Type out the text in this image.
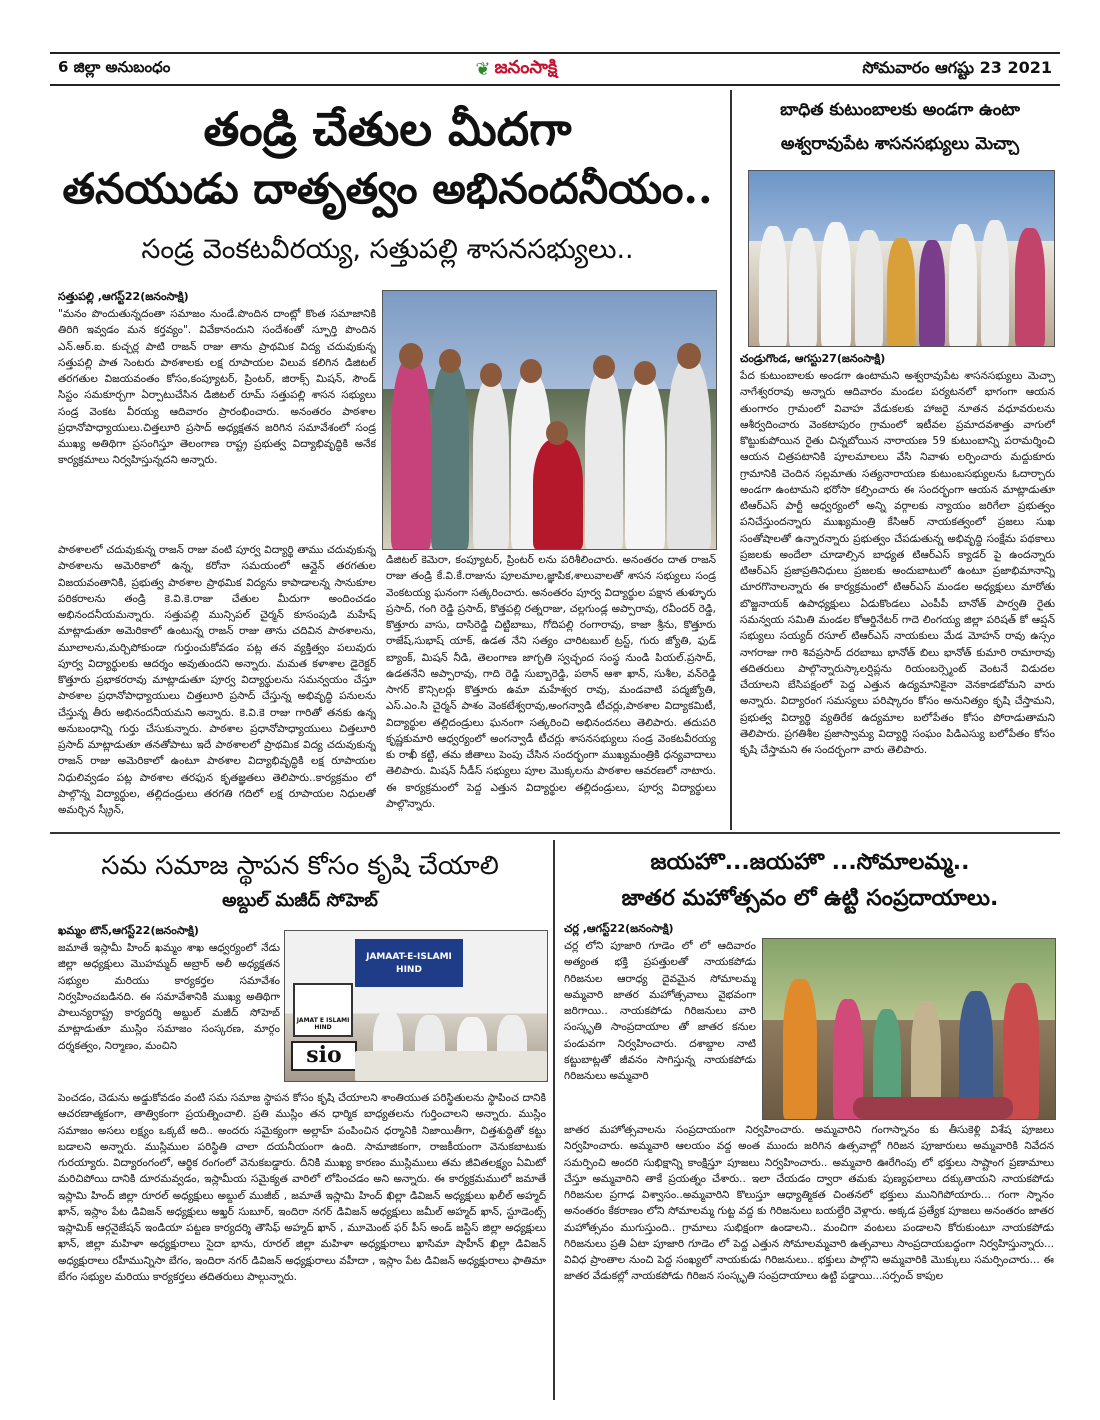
6 జిల్లా అనుబంధం	❦ జనంసాక్షి	సోమవారం ఆగష్టు 23 2021
తండ్రి చేతుల మీదగా
తనయుడు దాతృత్వం అభినందనీయం..
సండ్ర వెంకటవీరయ్య, సత్తుపల్లి శాసనసభ్యులు..

సత్తుపల్లి ,ఆగస్ట్22(జనంసాక్షి)

"మనం పొందుతున్నదంతా సమాజం నుండే.పొందిన దాంట్లో కొంత సమాజానికి తిరిగి ఇవ్వడం మన కర్తవ్యం". వివేకానందుని సందేశంతో స్ఫూర్తి పొందిన ఎన్.ఆర్.ఐ. కుచ్చర్ల పాటి రాజన్ రాజు తాను ప్రాథమిక విద్య చదువుకున్న సత్తుపల్లి పాత సెంటరు పాఠశాలకు లక్ష రూపాయల విలువ కలిగిన డిజిటల్ తరగతుల విజయవంతం కోసం,కంప్యూటర్, ప్రింటర్, జిరాక్స్ మిషన్, సౌండ్ సిస్టం సమకూర్చగా ఏర్పాటుచేసిన డిజిటల్ రూమ్ సత్తుపల్లి శాసన సభ్యులు సండ్ర వెంకట వీరయ్య ఆదివారం ప్రారంభించారు. అనంతరం పాఠశాల ప్రధానోపాధ్యాయులు.చిత్తలూరి ప్రసాద్ అధ్యక్షతన జరిగిన సమావేశంలో సండ్ర ముఖ్య అతిథిగా ప్రసంగిస్తూ తెలంగాణ రాష్ట్ర ప్రభుత్వ విద్యాభివృద్ధికి అనేక కార్యక్రమాలు నిర్వహిస్తున్నదని అన్నారు.

పాఠశాలలో చదువుకున్న రాజన్ రాజు వంటి పూర్వ విద్యార్థి తాము చదువుకున్న పాఠశాలను అమెరికాలో ఉన్న, కరోనా సమయంలో ఆన్లైన్ తరగతుల విజయవంతానికి, ప్రభుత్వ పాఠశాల ప్రాథమిక విద్యను కాపాడాలన్న సానుకూల పరికరాలను తండ్రి కె.వి.కె.రాజు చేతుల మీదుగా అందించడం అభినందనీయమన్నారు. సత్తుపల్లి మున్సిపల్ చైర్మన్ కూసంపుడి మహేష్ మాట్లాడుతూ అమెరికాలో ఉంటున్న రాజన్ రాజు తాను చదివిన పాఠశాలను, మూలాలను,మర్చిపోకుండా గుర్తుంచుకోవడం పట్ల తన వ్యక్తిత్వం పలువురు పూర్వ విద్యార్థులకు ఆదర్శం అవుతుందని అన్నారు. మమత కళాశాల డైరెక్టర్ కొత్తూరు ప్రభాకరరావు మాట్లాడుతూ పూర్వ విద్యార్థులను సమన్వయం చేస్తూ పాఠశాల ప్రధానోపాధ్యాయులు చిత్తలూరి ప్రసాద్ చేస్తున్న అభివృద్ధి పనులను చేస్తున్న తీరు అభినందనీయమని అన్నారు. కె.వి.కె రాజు గారితో తనకు ఉన్న అనుబంధాన్ని గుర్తు చేసుకున్నారు. పాఠశాల ప్రధానోపాధ్యాయులు చిత్తలూరి ప్రసాద్ మాట్లాడుతూ తనతోపాటు ఇదే పాఠశాలలో ప్రాథమిక విద్య చదువుకున్న రాజన్ రాజు అమెరికాలో ఉంటూ పాఠశాల విద్యాభివృద్ధికి లక్ష రూపాయల నిధులివ్వడం పట్ల పాఠశాల తరఫున కృతజ్ఞతలు తెలిపారు..కార్యక్రమం లో పాల్గొన్న విద్యార్థుల, తల్లిదండ్రులు తరగతి గదిలో లక్ష రూపాయల నిధులతో అమర్చిన స్క్రీన్,

డిజిటల్ కెమెరా, కంప్యూటర్, ప్రింటర్ లను పరిశీలించారు. అనంతరం దాత రాజన్ రాజు తండ్రి కే.వి.కే.రాజును పూలమాల,జ్ఞాపిక,శాలువాలతో శాసన సభ్యులు సండ్ర వెంకటయ్య ఘనంగా సత్కరించారు. అనంతరం పూర్వ విద్యార్థుల పక్షాన తుళ్ళూరు ప్రసాద్, గంగి రెడ్డి ప్రసాద్, కొత్తపల్లి రత్నరాజు, చల్లగుండ్ల అప్పారావు, రవీందర్ రెడ్డి, కొత్తూరు వాసు, దాసిరెడ్డి చిట్టిబాబు, గోదిపల్లి రంగారావు, కాజా శ్రీను, కొత్తూరు రాజేష్,సుభాష్ యాక్, ఉడత నేని సత్యం చారిటబుల్ ట్రస్ట్, గురు జ్యోతి, ఫుడ్ బ్యాంక్, మిషన్ నీడి, తెలంగాణ జాగృతి స్వచ్ఛంద సంస్థ నుండి పియల్.ప్రసాద్, ఉడతనేని అప్పారావు, గాది రెడ్డి సుబ్బారెడ్డి, పఠాన్ ఆశా ఖాన్, సుశీల, వన్‌రెడ్డి సాగర్ కౌన్సిలర్లు కొత్తూరు ఉమా మహేశ్వర రావు, మండవాటి పద్మజ్యోతి, ఎస్.ఎం.సి చైర్మన్ పాశం వెంకటేశ్వరావు,అంగన్వాడి టీచర్లు,పాఠశాల విద్యాకమిటీ, విద్యార్థుల తల్లిదండ్రులు ఘనంగా సత్కరించి అభినందనలు తెలిపారు. తదుపరి కృష్ణకుమారి ఆధ్వర్యంలో అంగన్వాడీ టీచర్లు శాసనసభ్యులు సండ్ర వెంకటవీరయ్య కు రాఖీ కట్టి, తమ జీతాలు పెంపు చేసిన సందర్భంగా ముఖ్యమంత్రికి ధన్యవాదాలు తెలిపారు. మిషన్ నీడీస్ సభ్యులు పూల మొక్కలను పాఠశాల ఆవరణలో నాటారు. ఈ కార్యక్రమంలో పెద్ద ఎత్తున విద్యార్థుల తల్లిదండ్రులు, పూర్వ విద్యార్థులు పాల్గొన్నారు.

బాధిత కుటుంబాలకు అండగా ఉంటా
అశ్వరావుపేట శాసనసభ్యులు మెచ్చా

చండ్రుగొండ, ఆగస్టు27(జనంసాక్షి)

పేద కుటుంబాలకు అండగా ఉంటామని అశ్వరావుపేట శాసనసభ్యులు మెచ్చా నాగేశ్వరరావు అన్నారు ఆదివారం మండల పర్యటనలో భాగంగా ఆయన తుంగారం గ్రామంలో వివాహ వేడుకలకు హాజరై నూతన వధూవరులను ఆశీర్వదించారు వెంకటాపురం గ్రామంలో ఇటీవల ప్రమాదవశాత్తు వాగులో కొట్టుకుపోయిన రైతు చిన్నబోయిన నారాయణ 59 కుటుంబాన్ని పరామర్శించి ఆయన చిత్రపటానికి పూలమాలలు వేసి నివాళు లర్పించారు మద్దుకూరు గ్రామానికి చెందిన సల్లమాతు సత్యనారాయణ కుటుంబసభ్యులను ఓదార్చారు అండగా ఉంటామని భరోసా కల్పించారు ఈ సందర్భంగా ఆయన మాట్లాడుతూ టిఆర్ఎస్ పార్టీ ఆధ్వర్యంలో అన్ని వర్గాలకు న్యాయం జరిగేలా ప్రభుత్వం పనిచేస్తుందన్నారు ముఖ్యమంత్రి కేసిఆర్ నాయకత్వంలో ప్రజలు సుఖ సంతోషాలతో ఉన్నారన్నారు ప్రభుత్వం చేపడుతున్న అభివృద్ధి సంక్షేమ పథకాలు ప్రజలకు అందేలా చూడాల్సిన బాధ్యత టిఆర్ఎస్ క్యాడర్ పై ఉందన్నారు టిఆర్ఎస్ ప్రజాప్రతినిధులు ప్రజలకు అందుబాటులో ఉంటూ ప్రజాభిమానాన్ని చూరగొనాలన్నారు ఈ కార్యక్రమంలో టిఆర్ఎస్ మండల అధ్యక్షులు మారోతు బొజ్జనాయక్ ఉపాధ్యక్షులు ఏడుకొండలు ఎంపీపీ బానోత్ పార్వతి రైతు సమన్వయ సమితి మండల కోఆర్డినేటర్ గాదె లింగయ్య జిల్లా పరిషత్ కో ఆప్షన్ సభ్యులు సయ్యద్ రసూల్ టిఆర్ఎస్ నాయకులు మేడ మోహన్ రావు ఉస్సం నాగరాజు గారి శివప్రసాద్ దరబాబు భానోత్ బిలు భానోత్ కుమారి రామారావు తదితరులు పాల్గొన్నారుస్కాలర్షిప్లను రియంబర్స్మెంట్ వెంటనే విడుదల చేయాలని బేసిపక్షంలో పెద్ద ఎత్తున ఉద్యమానికైనా వెనకాడబోమని వారు అన్నారు. విద్యారంగ సమస్యలు పరిష్కారం కోసం అనునిత్యం కృషి చేస్తామని, ప్రభుత్వ విద్యార్థి వ్యతిరేక ఉద్యమాల బలోపేతం కోసం పోరాడుతామని తెలిపారు. ప్రగతిశీల ప్రజాస్వామ్య విద్యార్థి సంఘం పిడిఎస్యు బలోపేతం కోసం కృషి చేస్తామని ఈ సందర్భంగా వారు తెలిపారు.

సమ సమాజ స్థాపన కోసం కృషి చేయాలి
అబ్దుల్ మజీద్ సోహెబ్

ఖమ్మం టౌన్,ఆగస్ట్22(జనంసాక్షి)

జమాతే ఇస్లామీ హింద్ ఖమ్మం శాఖ ఆధ్వర్యంలో నేడు జిల్లా అధ్యక్షులు మొహమ్మద్ అబ్రార్ అలీ అధ్యక్షతన సభ్యుల మరియు కార్యకర్తల సమావేశం నిర్వహించబడినది. ఈ సమావేశానికి ముఖ్య అతిథిగా పాలున్యరాష్ట్ర కార్యదర్శి అబ్దుల్ మజీద్ సోహెబ్ మాట్లాడుతూ ముస్లిం సమాజం సంస్కరణ, మార్గం దర్శకత్వం, నిర్మాణం, మంచిని

JAMAAT-E-ISLAMI HIND
JAMAT E ISLAMI HIND
sio

పెంచడం, చెడును అడ్డుకోవడం వంటి సమ సమాజ స్థాపన కోసం కృషి చేయాలని శాంతియుత పరిస్థితులను స్థాపించ దానికి ఆచరణాత్మకంగా, తాత్వికంగా ప్రయత్నించాలి. ప్రతి ముస్లిం తన ధార్మిక బాధ్యతలను గుర్తించాలని అన్నారు. ముస్లిం సమాజం అసలు లక్ష్యం ఒక్కటే అది.. అందరు సమైక్యంగా అల్లాహ్ పంపించిన ధర్మానికి నిజాయితీగా, చిత్తశుద్ధితో కట్టు బడాలని అన్నారు. ముస్లిముల పరిస్థితి చాలా దయనీయంగా ఉంది. సామాజికంగా, రాజకీయంగా వెనుకబాటుకు గురయ్యారు. విద్యారంగంలో, ఆర్థిక రంగంలో వెనుకబడ్డారు. దీనికి ముఖ్య కారణం ముస్లిములు తమ జీవితలక్ష్యం ఏమిటో మరిచిపోయి దానికి దూరమవ్వడం, ఇస్లామీయ సమైక్యత వారిలో లోపించడం అని అన్నారు. ఈ కార్యక్రమములో జమాతే ఇస్లామి హింద్ జిల్లా రూరల్ అధ్యక్షులు అబ్దుల్ ముజీబ్ , జమాతే ఇస్లామి హింద్ ఖిల్లా డివిజన్ అధ్యక్షులు ఖలీల్ అహ్మద్ ఖాన్, ఇస్లాం పేట డివిజన్ అధ్యక్షులు అఖ్తర్ సుబూర్, ఇందిరా నగర్ డివిజన్ అధ్యక్షులు జమీల్ అహ్మద్ ఖాన్, స్టూడెంట్స్ ఇస్లామిక్ ఆర్గనైజేషన్ ఇండియా పట్టణ కార్యదర్శి తౌసిఫ్ అహ్మద్ ఖాన్ , మూమెంట్ ఫర్ పీస్ అండ్ జస్టిస్ జిల్లా అధ్యక్షులు ఖాన్, జిల్లా మహిళా అధ్యక్షురాలు సైదా భాను, రూరల్ జిల్లా మహిళా అధ్యక్షురాలు ఖాసిమా షాహీన్ ఖిల్లా డివిజన్ అధ్యక్షురాలు రహీమున్నిసా బేగం, ఇందిరా నగర్ డివిజన్ అధ్యక్షురాలు వహీదా , ఇస్లాం పేట డివిజన్ అధ్యక్షురాలు ఫాతిమా బేగం సభ్యుల మరియు కార్యకర్తలు తదితరులు పాల్గున్నారు.

జయహొ...జయహొ ...సోమాలమ్మ..
జాతర మహోత్సవం లో ఉట్టి సంప్రదాయాలు.

చర్ల ,ఆగస్ట్22(జనంసాక్షి)

చర్ల లోని పూజారి గూడెం లో లో ఆదివారం అత్యంత భక్తి ప్రపత్తులతో నాయకపోడు గిరిజనుల ఆరాధ్య దైవమైన సోమాలమ్మ అమ్మవారి జాతర మహోత్సవాలు వైభవంగా జరిగాయి.. నాయకపోడు గిరిజనులు వారి సంస్కృతి సాంప్రదాయాల తో జాతర కనుల పండువగా నిర్వహించారు. దశాబ్దాల నాటి కట్టుబాట్లతో జీవనం సాగిస్తున్న నాయకపోడు గిరిజనులు అమ్మవారి

జాతర మహోత్సవాలను సంప్రదాయంగా నిర్వహించారు. అమ్మవారిని గంగాస్నానం కు తీసుకెళ్లి విశేష పూజలు నిర్వహించారు. అమ్మవారి ఆలయం వద్ద అంత ముందు జరిగిన ఉత్సవాల్లో గిరిజన పూజారులు అమ్మవారికి నివేదన సమర్పించి అందరి సుభిక్షాన్ని కాంక్షిస్తూ పూజలు నిర్వహించారు.. అమ్మవారి ఊరేగింపు లో భక్తులు సాష్టాంగ ప్రణామాలు చేస్తూ అమ్మవారిని తాకే ప్రయత్నం చేశారు.. ఇలా చేయడం ద్వారా తమకు పుణ్యఫలాలు దక్కుతాయని నాయకపోడు గిరిజనుల ప్రగాఢ విశ్వాసం..అమ్మవారిని కొలుస్తూ ఆధ్యాత్మికత చింతనలో భక్తులు మునిగిపోయారు... గంగా స్నానం అనంతరం కేకరాణం లోని సోమాలమ్మ గుట్ట వద్ద కు గిరిజనులు బయల్దేరి వెళ్లారు. అక్కడ ప్రత్యేక పూజలు అనంతరం జాతర మహోత్సవం ముగుస్తుంది.. గ్రామాలు సుభిక్షంగా ఉండాలని.. మంచిగా వంటలు పండాలని కోరుకుంటూ నాయకపోడు గిరిజనులు ప్రతి ఏటా పూజారి గూడెం లో పెద్ద ఎత్తున సోమాలమ్మవారి ఉత్సవాలు సాంప్రదాయబద్ధంగా నిర్వహిస్తున్నారు... వివిధ ప్రాంతాల నుంచి పెద్ద సంఖ్యలో నాయకుడు గిరిజనులు.. భక్తులు పాల్గొని అమ్మవారికి మొక్కులు సమర్పించారు... ఈ జాతర వేడుకల్లో నాయకపోడు గిరిజన సంస్కృతి సంప్రదాయాలు ఉట్టి పడ్డాయి...సర్పంచ్ కాపుల
